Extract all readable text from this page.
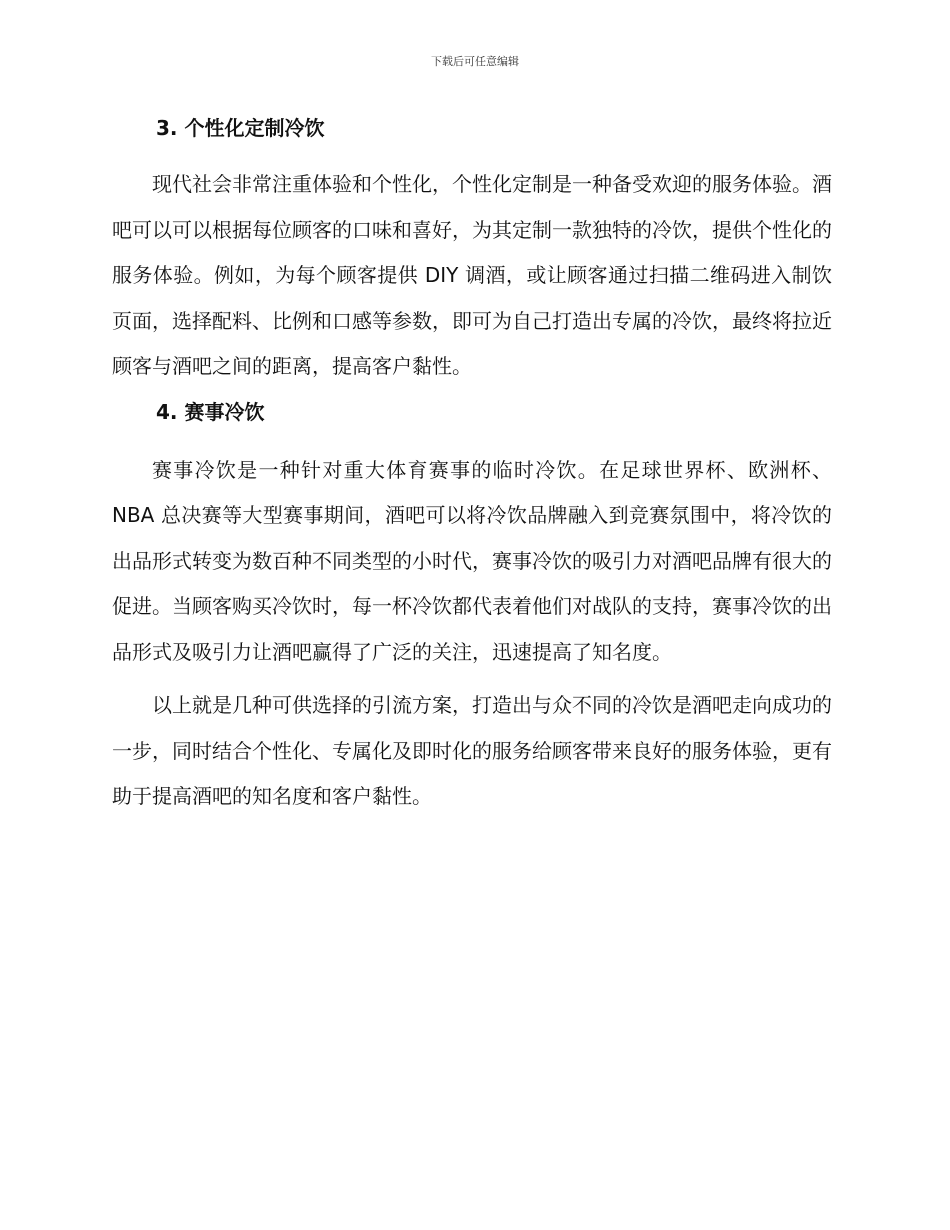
下载后可任意编辑
3. 个性化定制冷饮

现代社会非常注重体验和个性化，个性化定制是一种备受欢迎的服务体验。酒吧可以可以根据每位顾客的口味和喜好，为其定制一款独特的冷饮，提供个性化的服务体验。例如，为每个顾客提供 DIY 调酒，或让顾客通过扫描二维码进入制饮页面，选择配料、比例和口感等参数，即可为自己打造出专属的冷饮，最终将拉近顾客与酒吧之间的距离，提高客户黏性。

4. 赛事冷饮

赛事冷饮是一种针对重大体育赛事的临时冷饮。在足球世界杯、欧洲杯、NBA 总决赛等大型赛事期间，酒吧可以将冷饮品牌融入到竞赛氛围中，将冷饮的出品形式转变为数百种不同类型的小时代，赛事冷饮的吸引力对酒吧品牌有很大的促进。当顾客购买冷饮时，每一杯冷饮都代表着他们对战队的支持，赛事冷饮的出品形式及吸引力让酒吧赢得了广泛的关注，迅速提高了知名度。

以上就是几种可供选择的引流方案，打造出与众不同的冷饮是酒吧走向成功的一步，同时结合个性化、专属化及即时化的服务给顾客带来良好的服务体验，更有助于提高酒吧的知名度和客户黏性。
